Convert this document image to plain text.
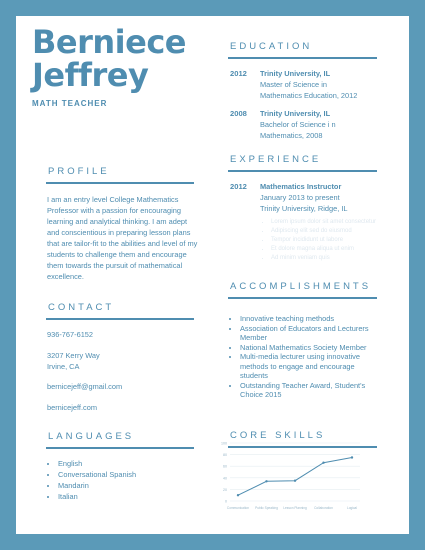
Berniece
Jeffrey
MATH TEACHER
PROFILE
I am an entry level College Mathematics Professor with a passion for encouraging learning and analytical thinking. I am adept and conscientious in preparing lesson plans that are tailor-fit to the abilities and level of my students to challenge them and encourage them towards the pursuit of mathematical excellence.
CONTACT
936-767-6152
3207 Kerry Way
Irvine, CA
bernicejeff@gmail.com
bernicejeff.com
LANGUAGES
• English
• Conversational Spanish
• Mandarin
• Italian
EDUCATION
2012 Trinity University, IL
Master of Science in
Mathematics Education, 2012
2008 Trinity University, IL
Bachelor of Science i n
Mathematics, 2008
EXPERIENCE
2012 Mathematics Instructor
January 2013 to present
Trinity University, Ridge, IL
• Lorem ipsum dolor sit amet consectetur
• Adipiscing elit sed do eiusmod
• Tempor incididunt ut labore
• Et dolore magna aliqua ut enim
• Ad minim veniam quis
ACCOMPLISHMENTS
• Innovative teaching methods
• Association of Educators and Lecturers Member
• National Mathematics Society Member
• Multi-media lecturer using innovative methods to engage and encourage students
• Outstanding Teacher Award, Student's Choice 2015
CORE SKILLS
100
80
60
40
20
0
Communication Public Speaking Lesson Planning Collaboration	Logical
